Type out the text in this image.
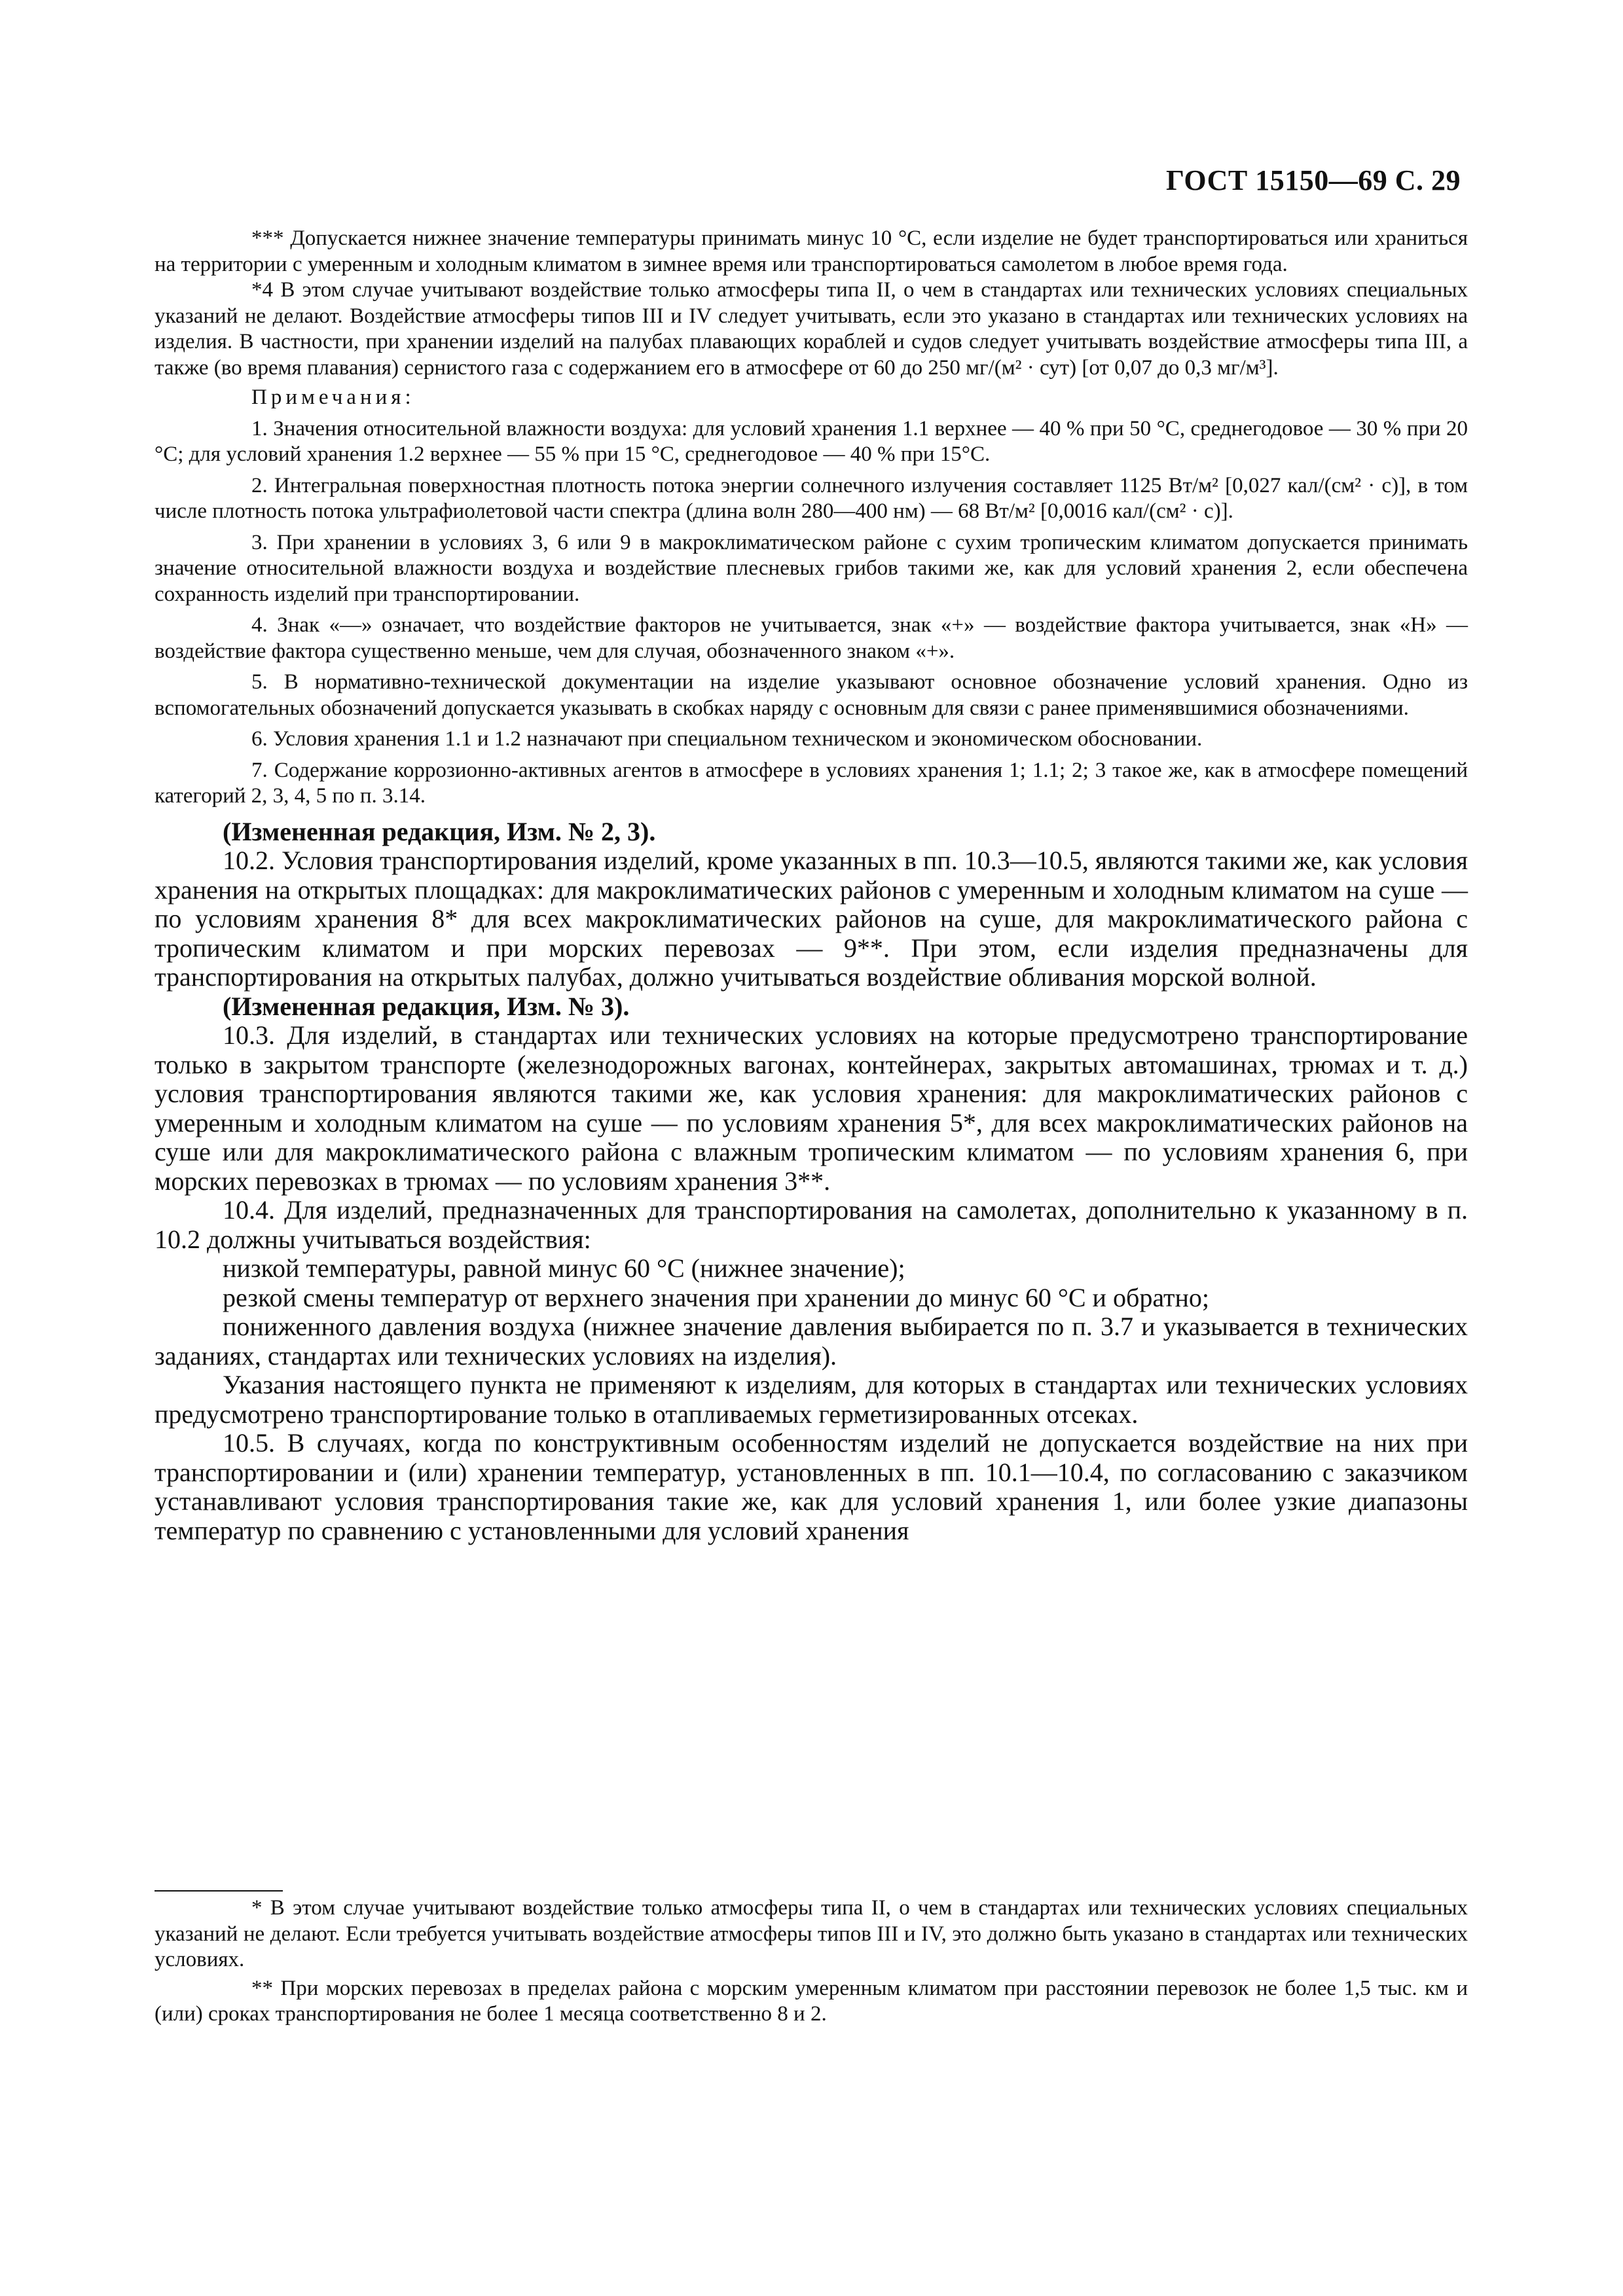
ГОСТ 15150—69 С. 29

*** Допускается нижнее значение температуры принимать минус 10 °C, если изделие не будет транспортироваться или храниться на территории с умеренным и холодным климатом в зимнее время или транспортироваться самолетом в любое время года.

*4 В этом случае учитывают воздействие только атмосферы типа II, о чем в стандартах или технических условиях специальных указаний не делают. Воздействие атмосферы типов III и IV следует учитывать, если это указано в стандартах или технических условиях на изделия. В частности, при хранении изделий на палубах плавающих кораблей и судов следует учитывать воздействие атмосферы типа III, а также (во время плавания) сернистого газа с содержанием его в атмосфере от 60 до 250 мг/(м² · сут) [от 0,07 до 0,3 мг/м³].

Примечания:

1. Значения относительной влажности воздуха: для условий хранения 1.1 верхнее — 40 % при 50 °C, среднегодовое — 30 % при 20 °C; для условий хранения 1.2 верхнее — 55 % при 15 °C, среднегодовое — 40 % при 15°C.

2. Интегральная поверхностная плотность потока энергии солнечного излучения составляет 1125 Вт/м² [0,027 кал/(см² · с)], в том числе плотность потока ультрафиолетовой части спектра (длина волн 280—400 нм) — 68 Вт/м² [0,0016 кал/(см² · с)].

3. При хранении в условиях 3, 6 или 9 в макроклиматическом районе с сухим тропическим климатом допускается принимать значение относительной влажности воздуха и воздействие плесневых грибов такими же, как для условий хранения 2, если обеспечена сохранность изделий при транспортировании.

4. Знак «—» означает, что воздействие факторов не учитывается, знак «+» — воздействие фактора учитывается, знак «Н» — воздействие фактора существенно меньше, чем для случая, обозначенного знаком «+».

5. В нормативно-технической документации на изделие указывают основное обозначение условий хранения. Одно из вспомогательных обозначений допускается указывать в скобках наряду с основным для связи с ранее применявшимися обозначениями.

6. Условия хранения 1.1 и 1.2 назначают при специальном техническом и экономическом обосновании.

7. Содержание коррозионно-активных агентов в атмосфере в условиях хранения 1; 1.1; 2; 3 такое же, как в атмосфере помещений категорий 2, 3, 4, 5 по п. 3.14.

(Измененная редакция, Изм. № 2, 3).

10.2. Условия транспортирования изделий, кроме указанных в пп. 10.3—10.5, являются такими же, как условия хранения на открытых площадках: для макроклиматических районов с умеренным и холодным климатом на суше — по условиям хранения 8* для всех макроклиматических районов на суше, для макроклиматического района с тропическим климатом и при морских перевозах — 9**. При этом, если изделия предназначены для транспортирования на открытых палубах, должно учитываться воздействие обливания морской волной.

(Измененная редакция, Изм. № 3).

10.3. Для изделий, в стандартах или технических условиях на которые предусмотрено транспортирование только в закрытом транспорте (железнодорожных вагонах, контейнерах, закрытых автомашинах, трюмах и т. д.) условия транспортирования являются такими же, как условия хранения: для макроклиматических районов с умеренным и холодным климатом на суше — по условиям хранения 5*, для всех макроклиматических районов на суше или для макроклиматического района с влажным тропическим климатом — по условиям хранения 6, при морских перевозках в трюмах — по условиям хранения 3**.

10.4. Для изделий, предназначенных для транспортирования на самолетах, дополнительно к указанному в п. 10.2 должны учитываться воздействия:

низкой температуры, равной минус 60 °C (нижнее значение);

резкой смены температур от верхнего значения при хранении до минус 60 °C и обратно;

пониженного давления воздуха (нижнее значение давления выбирается по п. 3.7 и указывается в технических заданиях, стандартах или технических условиях на изделия).

Указания настоящего пункта не применяют к изделиям, для которых в стандартах или технических условиях предусмотрено транспортирование только в отапливаемых герметизированных отсеках.

10.5. В случаях, когда по конструктивным особенностям изделий не допускается воздействие на них при транспортировании и (или) хранении температур, установленных в пп. 10.1—10.4, по согласованию с заказчиком устанавливают условия транспортирования такие же, как для условий хранения 1, или более узкие диапазоны температур по сравнению с установленными для условий хранения

* В этом случае учитывают воздействие только атмосферы типа II, о чем в стандартах или технических условиях специальных указаний не делают. Если требуется учитывать воздействие атмосферы типов III и IV, это должно быть указано в стандартах или технических условиях.

** При морских перевозах в пределах района с морским умеренным климатом при расстоянии перевозок не более 1,5 тыс. км и (или) сроках транспортирования не более 1 месяца соответственно 8 и 2.
